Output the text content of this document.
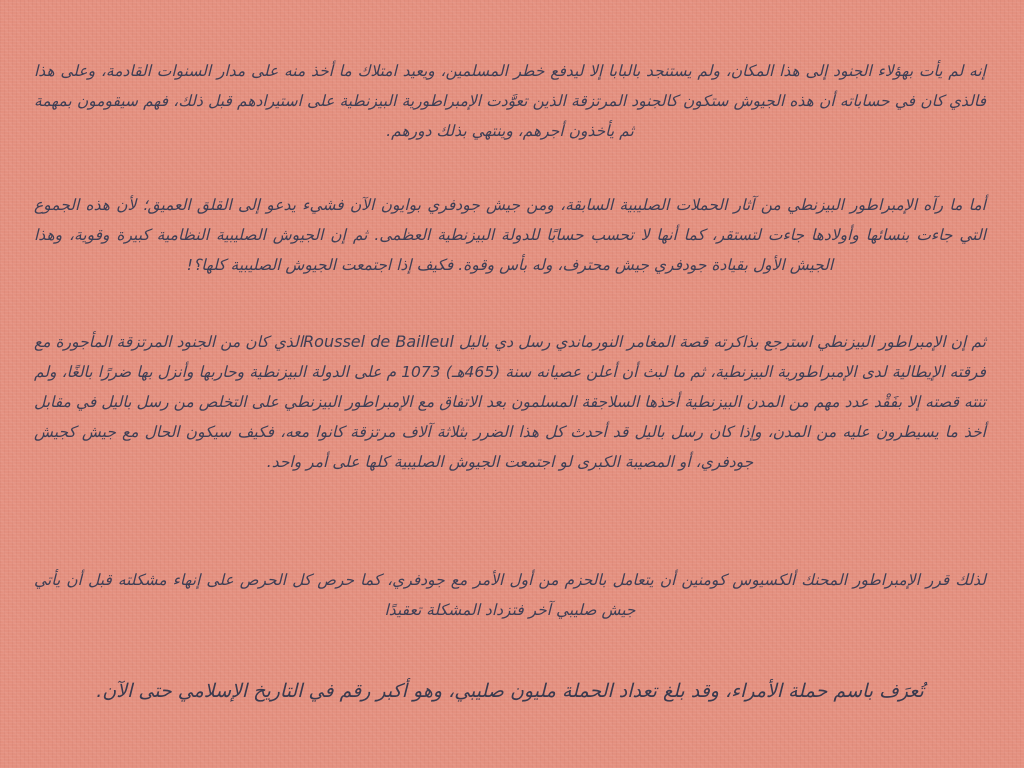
إنه لم يأت بهؤلاء الجنود إلى هذا المكان، ولم يستنجد بالبابا إلا ليدفع خطر المسلمين، ويعيد امتلاك ما أخذ منه على مدار السنوات القادمة، وعلى هذا فالذي كان في حساباته أن هذه الجيوش ستكون كالجنود المرتزقة الذين تعوَّدت الإمبراطورية البيزنطية على استيرادهم قبل ذلك، فهم سيقومون بمهمة ثم يأخذون أجرهم، وينتهي بذلك دورهم.

أما ما رآه الإمبراطور البيزنطي من آثار الحملات الصليبية السابقة، ومن جيش جودفري بوايون الآن فشيء يدعو إلى القلق العميق؛ لأن هذه الجموع التي جاءت بنسائها وأولادها جاءت لتستقر، كما أنها لا تحسب حسابًا للدولة البيزنطية العظمى. ثم إن الجيوش الصليبية النظامية كبيرة وقوية، وهذا الجيش الأول بقيادة جودفري جيش محترف، وله بأس وقوة. فكيف إذا اجتمعت الجيوش الصليبية كلها؟!

ثم إن الإمبراطور البيزنطي استرجع بذاكرته قصة المغامر النورماندي رسل دي باليل Roussel de Bailleulالذي كان من الجنود المرتزقة المأجورة مع فرقته الإيطالية لدى الإمبراطورية البيزنطية، ثم ما لبث أن أعلن عصيانه سنة (465هـ) 1073 م على الدولة البيزنطية وحاربها وأنزل بها ضررًا بالغًا، ولم تنته قصته إلا بفَقْد عدد مهم من المدن البيزنطية أخذها السلاجقة المسلمون بعد الاتفاق مع الإمبراطور البيزنطي على التخلص من رسل باليل في مقابل أخذ ما يسيطرون عليه من المدن، وإذا كان رسل باليل قد أحدث كل هذا الضرر بثلاثة آلاف مرتزقة كانوا معه، فكيف سيكون الحال مع جيش كجيش جودفري، أو المصيبة الكبرى لو اجتمعت الجيوش الصليبية كلها على أمر واحد.

لذلك قرر الإمبراطور المحنك ألكسيوس كومنين أن يتعامل بالحزم من أول الأمر مع جودفري، كما حرص كل الحرص على إنهاء مشكلته قبل أن يأتي جيش صليبي آخر فتزداد المشكلة تعقيدًا

تُعرَف باسم حملة الأمراء، وقد بلغ تعداد الحملة مليون صليبي، وهو أكبر رقم في التاريخ الإسلامي حتى الآن.
